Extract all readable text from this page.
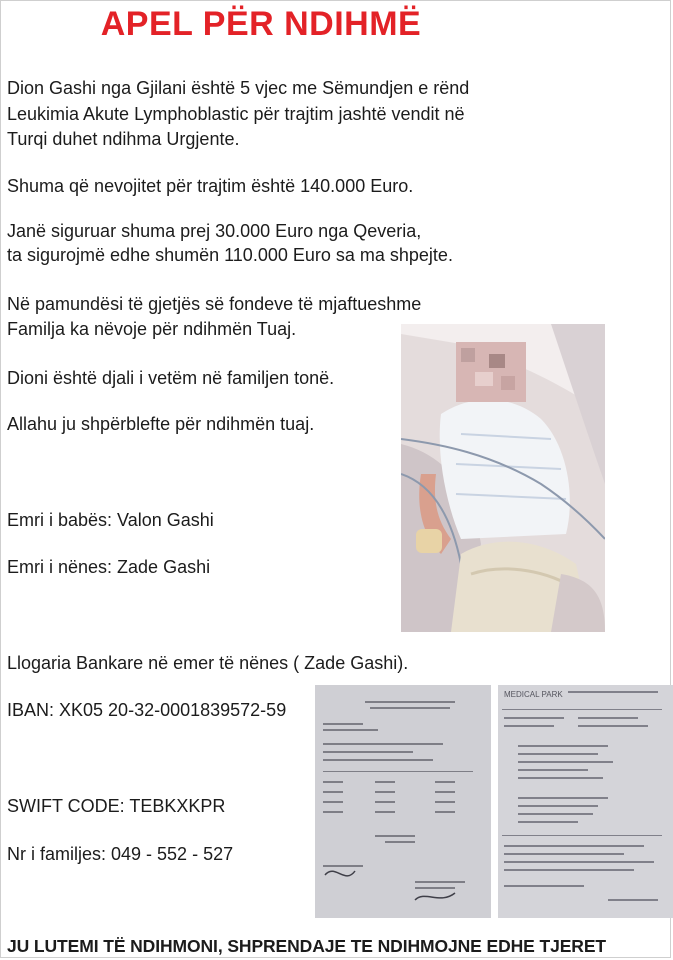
APEL PËR NDIHMË
Dion Gashi nga Gjilani është 5 vjec me Sëmundjen e rënd
Leukimia Akute Lymphoblastic për trajtim jashtë vendit në
Turqi duhet ndihma Urgjente.
Shuma që nevojitet për trajtim është 140.000 Euro.
Janë siguruar shuma prej 30.000 Euro nga Qeveria,
ta sigurojmë edhe shumën 110.000 Euro sa ma shpejte.
Në pamundësi të gjetjës së fondeve të mjaftueshme
Familja ka nëvoje për ndihmën Tuaj.
Dioni është djali i vetëm në familjen tonë.
Allahu ju shpërblefte për ndihmën tuaj.
Emri i babës: Valon Gashi
Emri i nënes: Zade Gashi
Llogaria Bankare në emer të nënes ( Zade Gashi).
IBAN: XK05 20-32-0001839572-59
SWIFT CODE: TEBKXKPR
Nr i familjes: 049 - 552 - 527
MEDICAL PARK
JU LUTEMI TË NDIHMONI, SHPRENDAJE TE NDIHMOJNE EDHE TJERET
